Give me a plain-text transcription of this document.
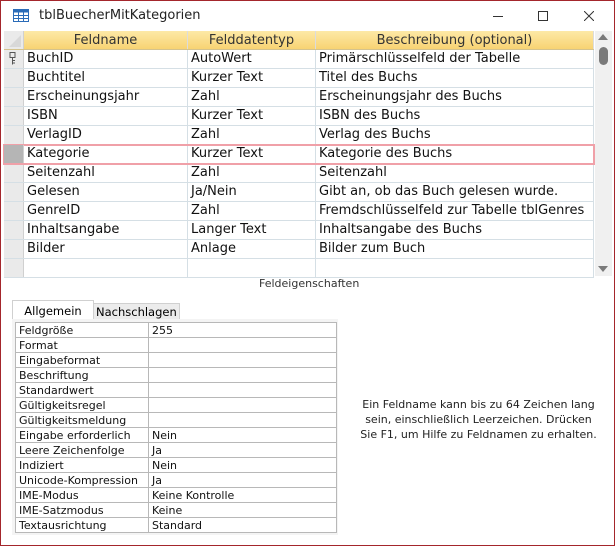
tblBuecherMitKategorien
Feldname	Felddatentyp	Beschreibung (optional)
BuchID	AutoWert	Primärschlüsselfeld der Tabelle
Buchtitel	Kurzer Text	Titel des Buchs
Erscheinungsjahr	Zahl	Erscheinungsjahr des Buchs
ISBN	Kurzer Text	ISBN des Buchs
VerlagID	Zahl	Verlag des Buchs
Kategorie	Kurzer Text	Kategorie des Buchs
Seitenzahl	Zahl	Seitenzahl
Gelesen	Ja/Nein	Gibt an, ob das Buch gelesen wurde.
GenreID	Zahl	Fremdschlüsselfeld zur Tabelle tblGenres
Inhaltsangabe	Langer Text	Inhaltsangabe des Buchs
Bilder	Anlage	Bilder zum Buch
Feldeigenschaften
Allgemein	Nachschlagen
Feldgröße	255
Format	
Eingabeformat	
Beschriftung	
Standardwert	
Gültigkeitsregel	
Gültigkeitsmeldung	
Eingabe erforderlich	Nein
Leere Zeichenfolge	Ja
Indiziert	Nein
Unicode-Kompression	Ja
IME-Modus	Keine Kontrolle
IME-Satzmodus	Keine
Textausrichtung	Standard
Ein Feldname kann bis zu 64 Zeichen lang sein, einschließlich Leerzeichen. Drücken Sie F1, um Hilfe zu Feldnamen zu erhalten.
